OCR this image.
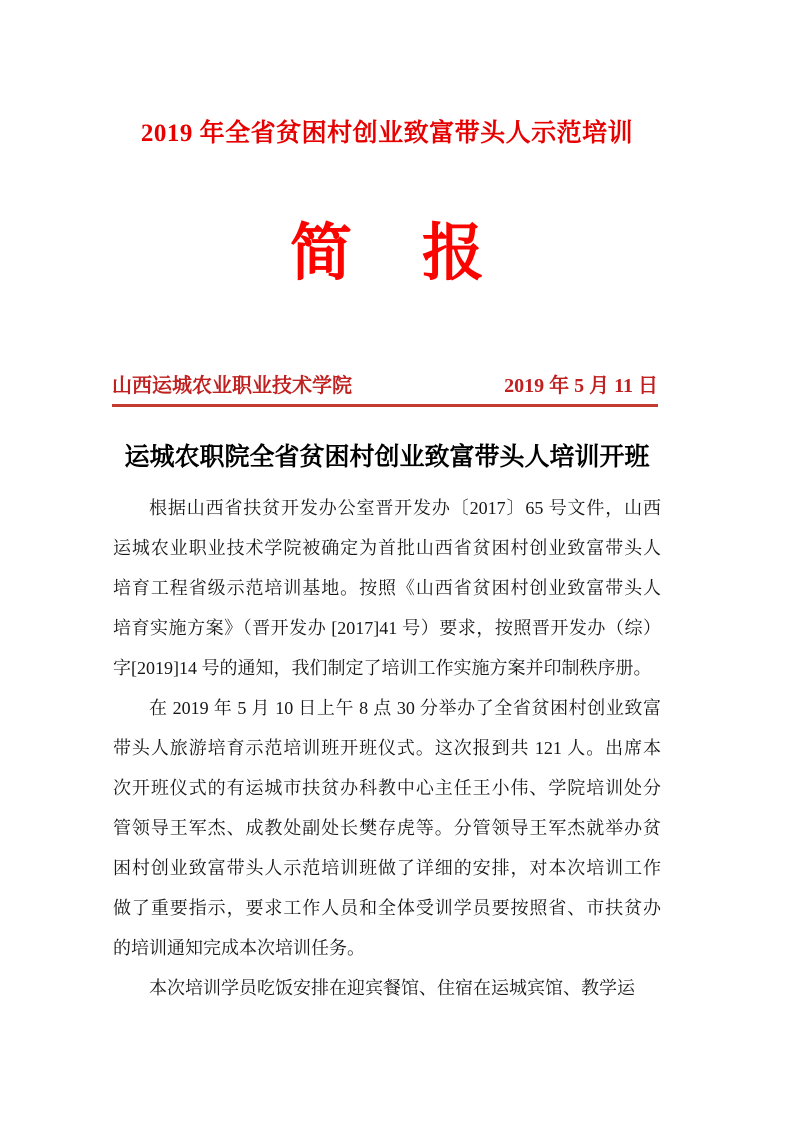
2019 年全省贫困村创业致富带头人示范培训
简 报
山西运城农业职业技术学院	2019 年 5 月 11 日
运城农职院全省贫困村创业致富带头人培训开班
根据山西省扶贫开发办公室晋开发办〔2017〕65 号文件，山西
运城农业职业技术学院被确定为首批山西省贫困村创业致富带头人
培育工程省级示范培训基地。按照《山西省贫困村创业致富带头人
培育实施方案》（晋开发办 [2017]41 号）要求，按照晋开发办（综）
字[2019]14 号的通知，我们制定了培训工作实施方案并印制秩序册。
在 2019 年 5 月 10 日上午 8 点 30 分举办了全省贫困村创业致富
带头人旅游培育示范培训班开班仪式。这次报到共 121 人。出席本
次开班仪式的有运城市扶贫办科教中心主任王小伟、学院培训处分
管领导王军杰、成教处副处长樊存虎等。分管领导王军杰就举办贫
困村创业致富带头人示范培训班做了详细的安排，对本次培训工作
做了重要指示，要求工作人员和全体受训学员要按照省、市扶贫办
的培训通知完成本次培训任务。
本次培训学员吃饭安排在迎宾餐馆、住宿在运城宾馆、教学运
